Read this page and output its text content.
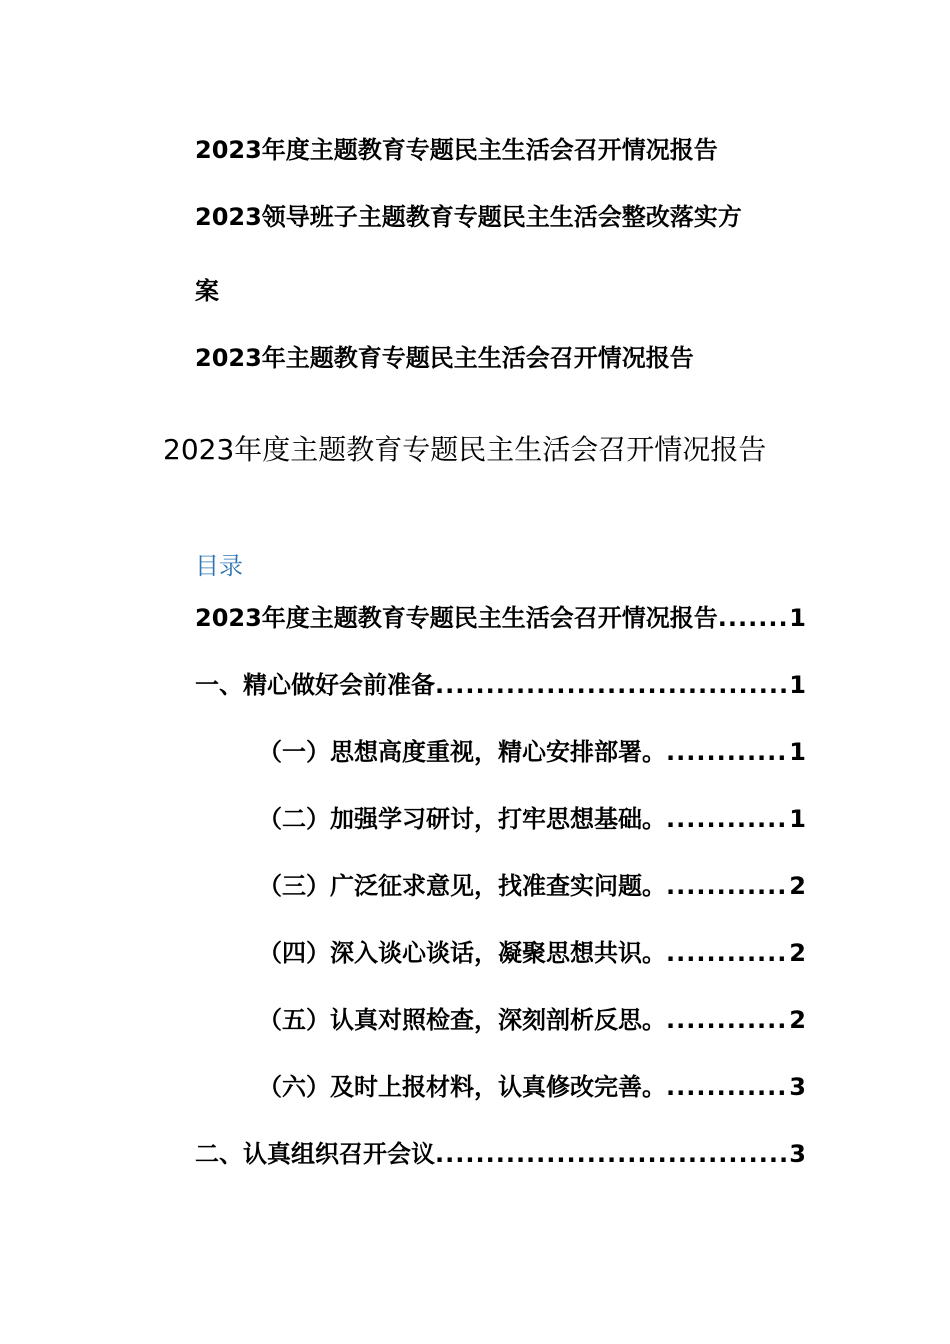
2023年度主题教育专题民主生活会召开情况报告
2023领导班子主题教育专题民主生活会整改落实方
案
2023年主题教育专题民主生活会召开情况报告
2023年度主题教育专题民主生活会召开情况报告
目录
2023年度主题教育专题民主生活会召开情况报告 .....	1
一、精心做好会前准备 .....	1
（一）思想高度重视，精心安排部署。 .....	1
（二）加强学习研讨，打牢思想基础。 .....	1
（三）广泛征求意见，找准查实问题。 .....	2
（四）深入谈心谈话，凝聚思想共识。 .....	2
（五）认真对照检查，深刻剖析反思。 .....	2
（六）及时上报材料，认真修改完善。 .....	3
二、认真组织召开会议 .....	3
